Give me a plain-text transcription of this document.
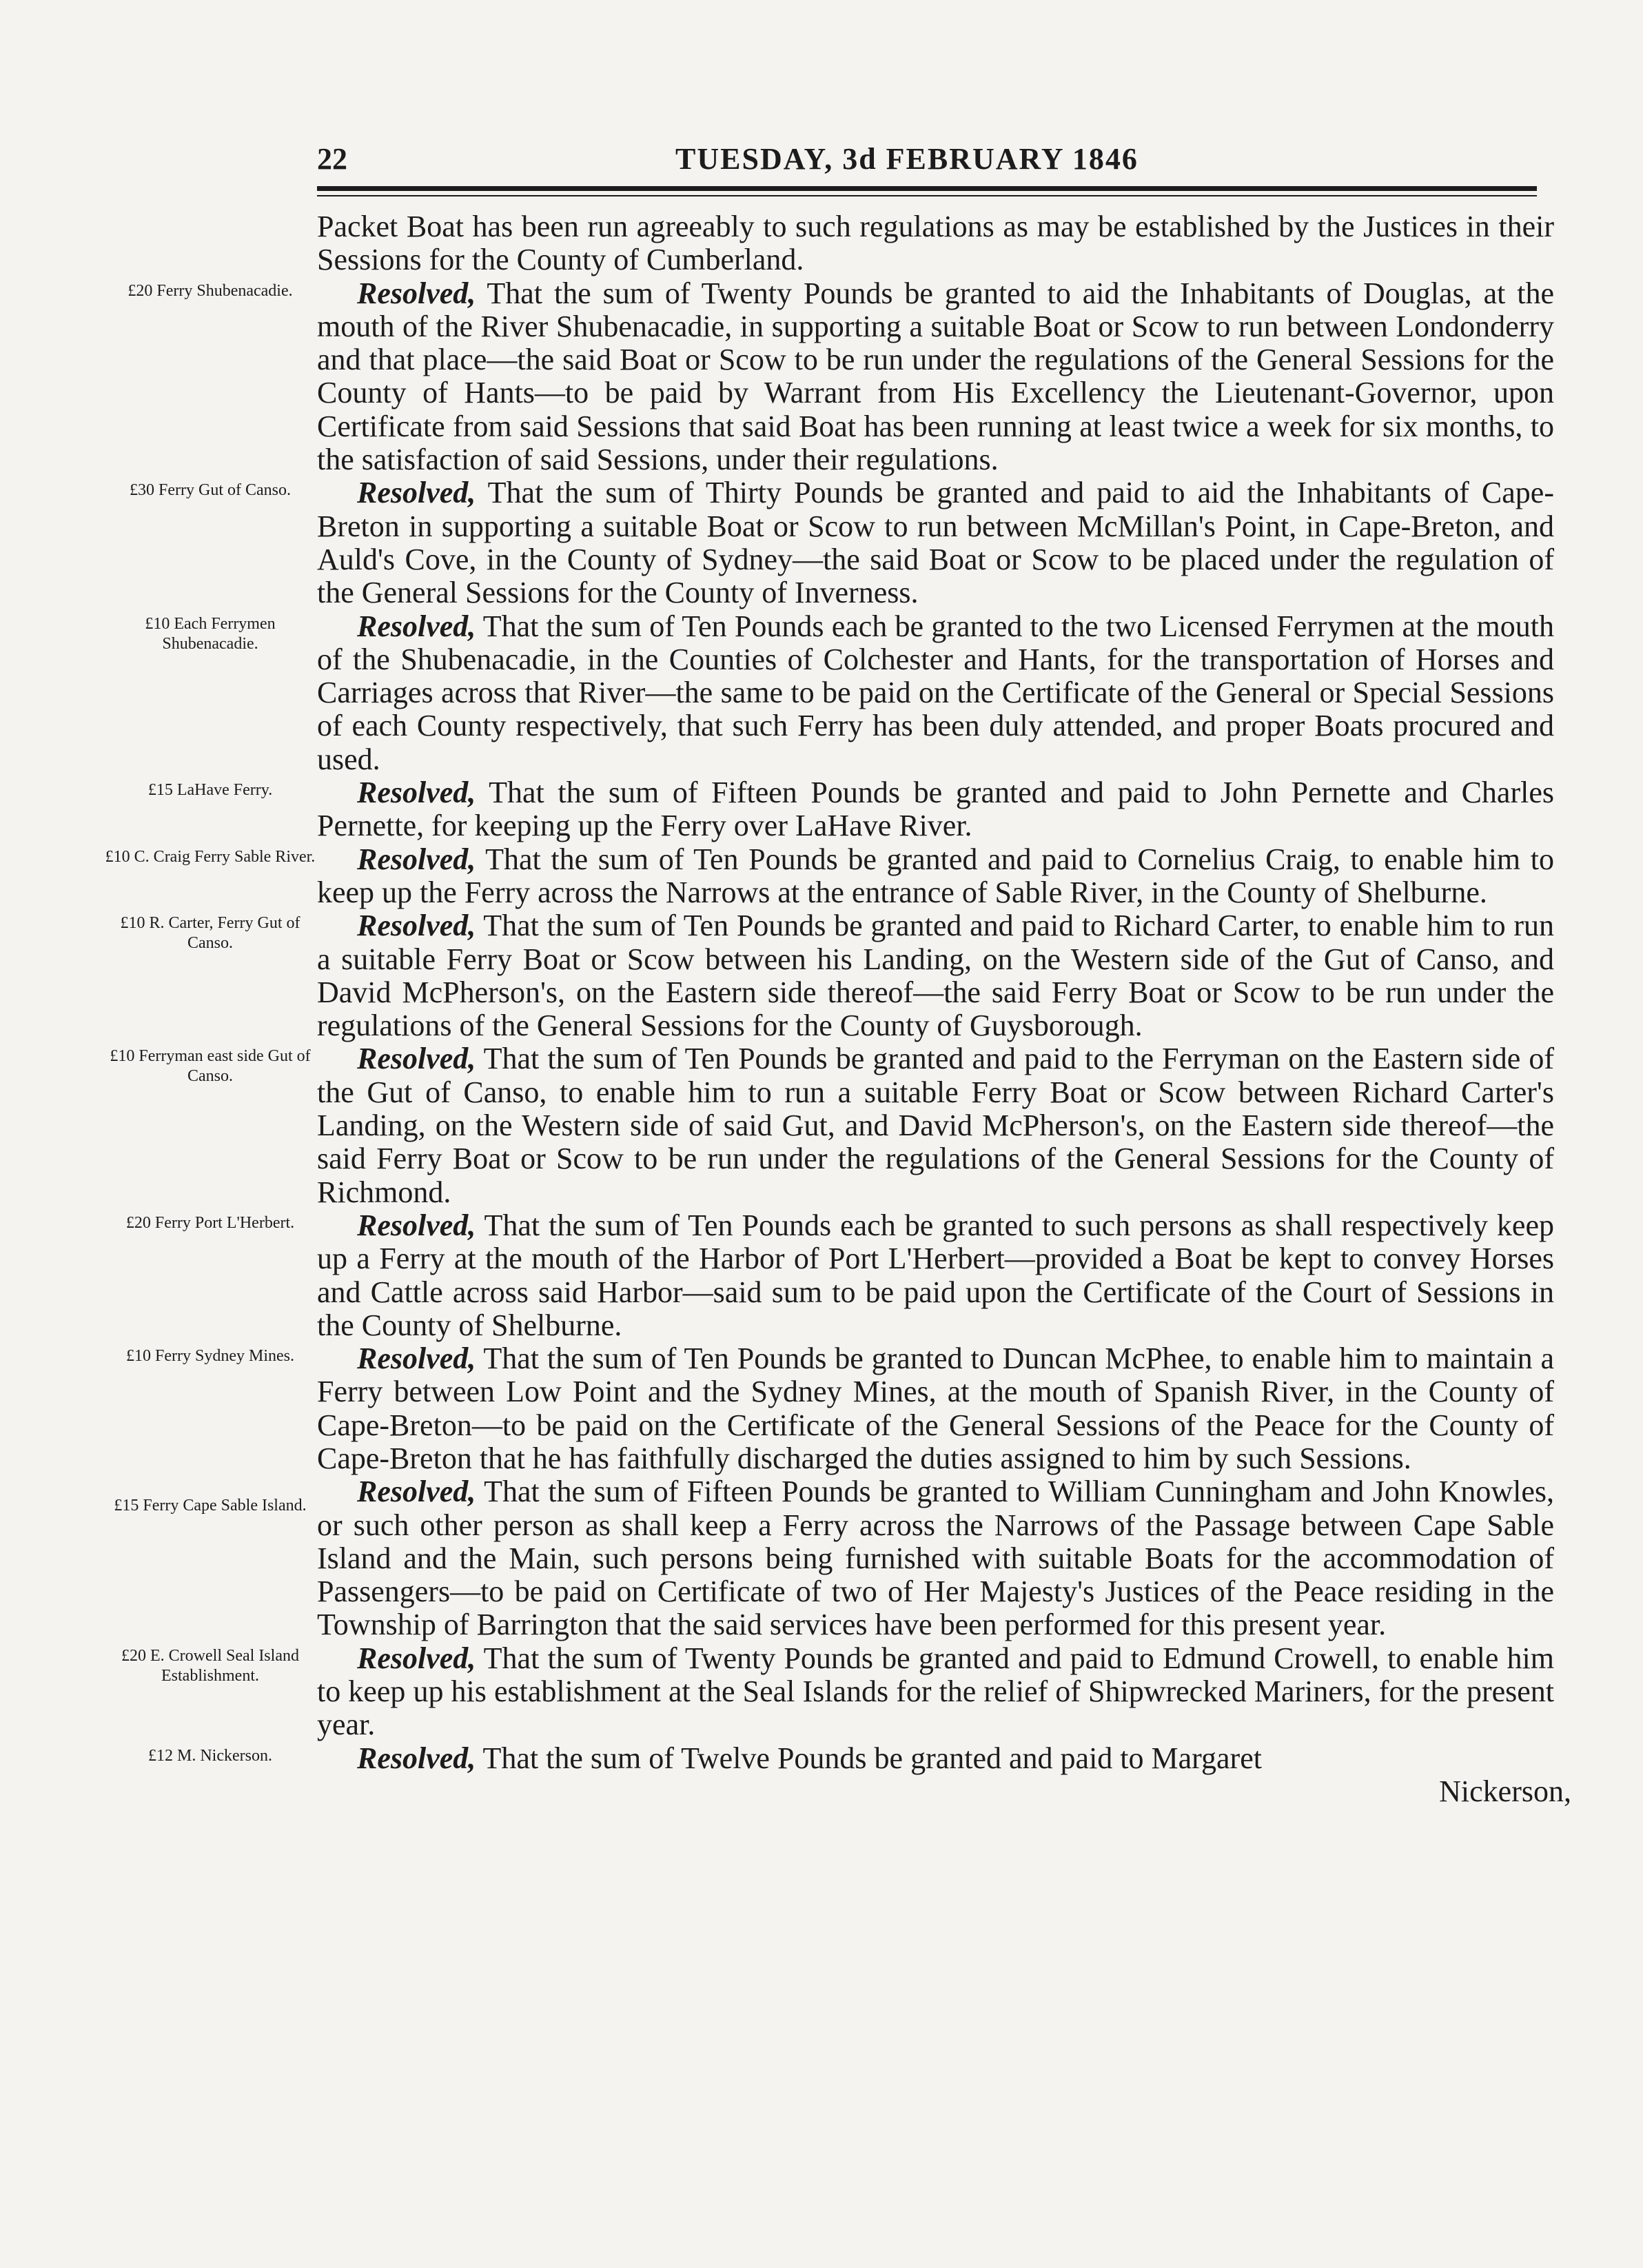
22	TUESDAY, 3d FEBRUARY 1846
Packet Boat has been run agreeably to such regulations as may be established by the Justices in their Sessions for the County of Cumberland.
£20 Ferry Shubenacadie.	Resolved, That the sum of Twenty Pounds be granted to aid the Inhabitants of Douglas, at the mouth of the River Shubenacadie, in supporting a suitable Boat or Scow to run between Londonderry and that place—the said Boat or Scow to be run under the regulations of the General Sessions for the County of Hants—to be paid by Warrant from His Excellency the Lieutenant-Governor, upon Certificate from said Sessions that said Boat has been running at least twice a week for six months, to the satisfaction of said Sessions, under their regulations.
£30 Ferry Gut of Canso.	Resolved, That the sum of Thirty Pounds be granted and paid to aid the Inhabitants of Cape-Breton in supporting a suitable Boat or Scow to run between McMillan's Point, in Cape-Breton, and Auld's Cove, in the County of Sydney—the said Boat or Scow to be placed under the regulation of the General Sessions for the County of Inverness.
£10 Each Ferrymen Shubenacadie.
Resolved, That the sum of Ten Pounds each be granted to the two Licensed Ferrymen at the mouth of the Shubenacadie, in the Counties of Colchester and Hants, for the transportation of Horses and Carriages across that River—the same to be paid on the Certificate of the General or Special Sessions of each County respectively, that such Ferry has been duly attended, and proper Boats procured and used.
£15 LaHave Ferry.	Resolved, That the sum of Fifteen Pounds be granted and paid to John Pernette and Charles Pernette, for keeping up the Ferry over LaHave River.
£10 C. Craig Ferry Sable River.	Resolved, That the sum of Ten Pounds be granted and paid to Cornelius Craig, to enable him to keep up the Ferry across the Narrows at the entrance of Sable River, in the County of Shelburne.
£10 R. Carter, Ferry Gut of Canso.
Resolved, That the sum of Ten Pounds be granted and paid to Richard Carter, to enable him to run a suitable Ferry Boat or Scow between his Landing, on the Western side of the Gut of Canso, and David McPherson's, on the Eastern side thereof—the said Ferry Boat or Scow to be run under the regulations of the General Sessions for the County of Guysborough.
£10 Ferryman east side Gut of Canso.
Resolved, That the sum of Ten Pounds be granted and paid to the Ferryman on the Eastern side of the Gut of Canso, to enable him to run a suitable Ferry Boat or Scow between Richard Carter's Landing, on the Western side of said Gut, and David McPherson's, on the Eastern side thereof—the said Ferry Boat or Scow to be run under the regulations of the General Sessions for the County of Richmond.
£20 Ferry Port L'Herbert.	Resolved, That the sum of Ten Pounds each be granted to such persons as shall respectively keep up a Ferry at the mouth of the Harbor of Port L'Herbert—provided a Boat be kept to convey Horses and Cattle across said Harbor—said sum to be paid upon the Certificate of the Court of Sessions in the County of Shelburne.
£10 Ferry Sydney Mines.	Resolved, That the sum of Ten Pounds be granted to Duncan McPhee, to enable him to maintain a Ferry between Low Point and the Sydney Mines, at the mouth of Spanish River, in the County of Cape-Breton—to be paid on the Certificate of the General Sessions of the Peace for the County of Cape-Breton that he has faithfully discharged the duties assigned to him by such Sessions.
£15 Ferry Cape Sable Island.	Resolved, That the sum of Fifteen Pounds be granted to William Cunningham and John Knowles, or such other person as shall keep a Ferry across the Narrows of the Passage between Cape Sable Island and the Main, such persons being furnished with suitable Boats for the accommodation of Passengers—to be paid on Certificate of two of Her Majesty's Justices of the Peace residing in the Township of Barrington that the said services have been performed for this present year.
£20 E. Crowell Seal Island Establishment.
Resolved, That the sum of Twenty Pounds be granted and paid to Edmund Crowell, to enable him to keep up his establishment at the Seal Islands for the relief of Shipwrecked Mariners, for the present year.
£12 M. Nickerson.	Resolved, That the sum of Twelve Pounds be granted and paid to Margaret
Nickerson,
